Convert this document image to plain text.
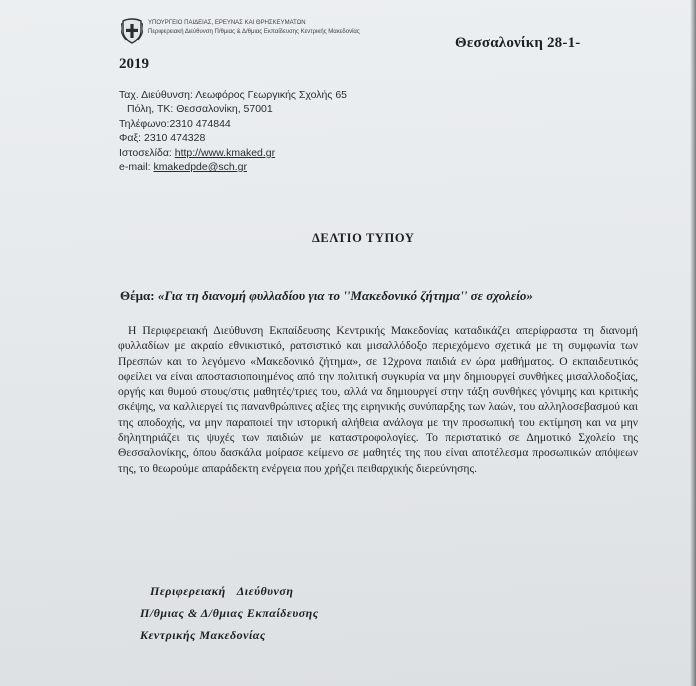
ΥΠΟΥΡΓΕΙΟ ΠΑΙΔΕΙΑΣ, ΕΡΕΥΝΑΣ ΚΑΙ ΘΡΗΣΚΕΥΜΑΤΩΝ
Περιφερειακή Διεύθυνση Π/θμιας & Δ/θμιας Εκπαίδευσης Κεντρικής Μακεδονίας
Θεσσαλονίκη 28-1-
2019
Ταχ. Διεύθυνση: Λεωφόρος Γεωργικής Σχολής 65
Πόλη, ΤΚ: Θεσσαλονίκη, 57001
Τηλέφωνο:2310 474844
Φαξ: 2310 474328
Ιστοσελίδα: http://www.kmaked.gr
e-mail: kmakedpde@sch.gr
ΔΕΛΤΙΟ ΤΥΠΟΥ
Θέμα: «Για τη διανομή φυλλαδίου για το ''Μακεδονικό ζήτημα'' σε σχολείο»
Η Περιφερειακή Διεύθυνση Εκπαίδευσης Κεντρικής Μακεδονίας καταδικάζει απερίφραστα τη διανομή φυλλαδίων με ακραίο εθνικιστικό, ρατσιστικό και μισαλλόδοξο περιεχόμενο σχετικά με τη συμφωνία των Πρεσπών και το λεγόμενο «Μακεδονικό ζήτημα», σε 12χρονα παιδιά εν ώρα μαθήματος. Ο εκπαιδευτικός οφείλει να είναι αποστασιοποιημένος από την πολιτική συγκυρία να μην δημιουργεί συνθήκες μισαλλοδοξίας, οργής και θυμού στους/στις μαθητές/τριες του, αλλά να δημιουργεί στην τάξη συνθήκες γόνιμης και κριτικής σκέψης, να καλλιεργεί τις πανανθρώπινες αξίες της ειρηνικής συνύπαρξης των λαών, του αλληλοσεβασμού και της αποδοχής, να μην παραποιεί την ιστορική αλήθεια ανάλογα με την προσωπική του εκτίμηση και να μην δηλητηριάζει τις ψυχές των παιδιών με καταστροφολογίες. Το περιστατικό σε Δημοτικό Σχολείο της Θεσσαλονίκης, όπου δασκάλα μοίρασε κείμενο σε μαθητές της που είναι αποτέλεσμα προσωπικών απόψεων της, το θεωρούμε απαράδεκτη ενέργεια που χρήζει πειθαρχικής διερεύνησης.
Περιφερειακή Διεύθυνση
Π/θμιας & Δ/θμιας Εκπαίδευσης
Κεντρικής Μακεδονίας
